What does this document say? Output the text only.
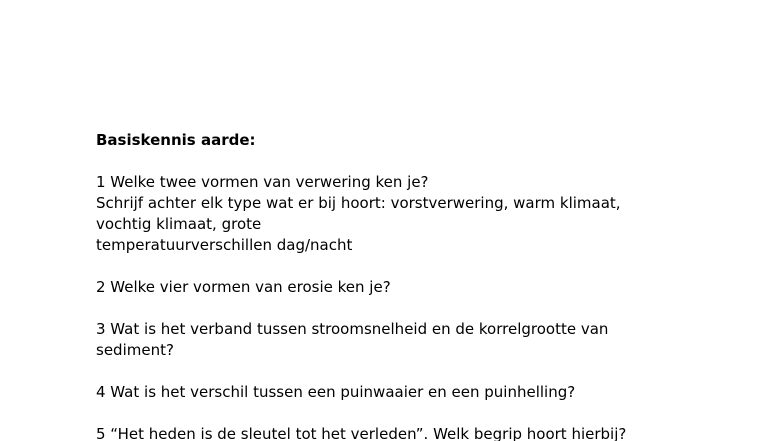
Basiskennis aarde:
1 Welke twee vormen van verwering ken je?
Schrijf achter elk type wat er bij hoort: vorstverwering, warm klimaat,
vochtig klimaat, grote
temperatuurverschillen dag/nacht
2 Welke vier vormen van erosie ken je?
3 Wat is het verband tussen stroomsnelheid en de korrelgrootte van
sediment?
4 Wat is het verschil tussen een puinwaaier en een puinhelling?
5 “Het heden is de sleutel tot het verleden”. Welk begrip hoort hierbij?
